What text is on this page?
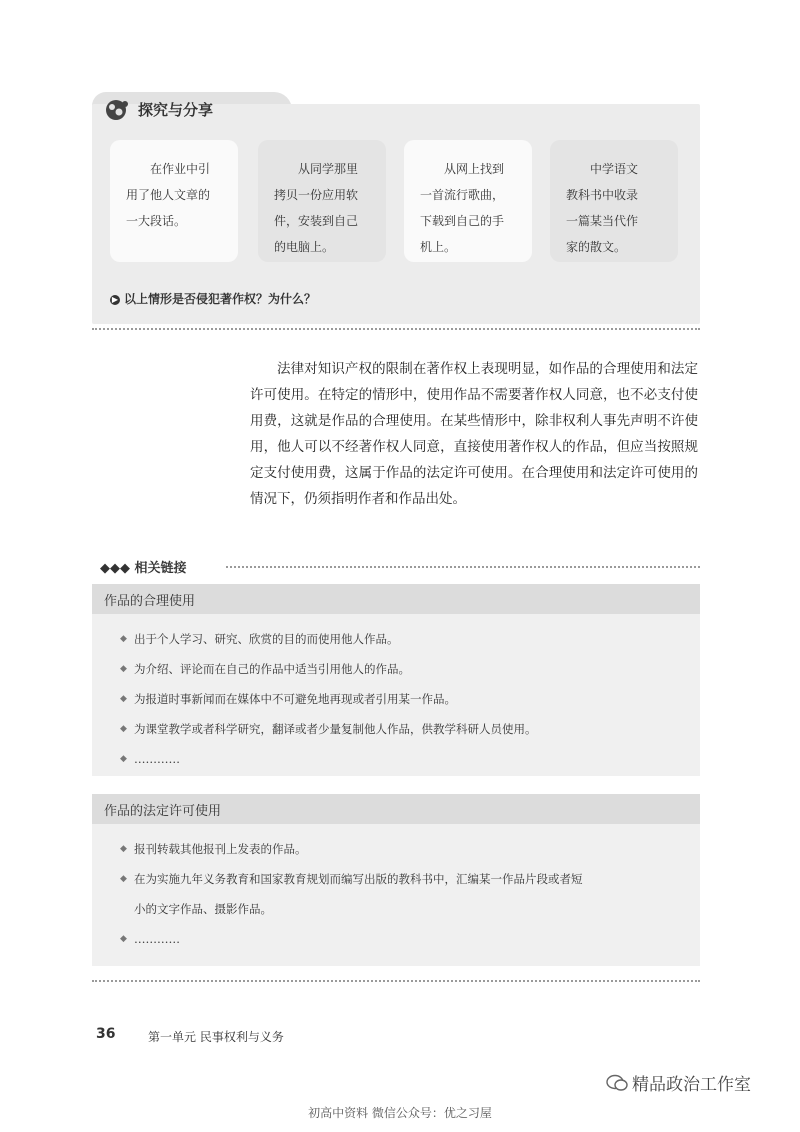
探究与分享

在作业中引

用了他人文章的

一大段话。

从同学那里

拷贝一份应用软

件，安装到自己

的电脑上。

从网上找到

一首流行歌曲，

下载到自己的手

机上。

中学语文

教科书中收录

一篇某当代作

家的散文。

▶ 以上情形是否侵犯著作权？为什么？

法律对知识产权的限制在著作权上表现明显，如作品的合理使用和法定许可使用。在特定的情形中，使用作品不需要著作权人同意，也不必支付使用费，这就是作品的合理使用。在某些情形中，除非权利人事先声明不许使用，他人可以不经著作权人同意，直接使用著作权人的作品，但应当按照规定支付使用费，这属于作品的法定许可使用。在合理使用和法定许可使用的情况下，仍须指明作者和作品出处。

◆◆◆ 相关链接
作品的合理使用
◆ 出于个人学习、研究、欣赏的目的而使用他人作品。
◆ 为介绍、评论而在自己的作品中适当引用他人的作品。
◆ 为报道时事新闻而在媒体中不可避免地再现或者引用某一作品。
◆ 为课堂教学或者科学研究，翻译或者少量复制他人作品，供教学科研人员使用。
◆ …………
作品的法定许可使用
◆ 报刊转载其他报刊上发表的作品。
◆ 在为实施九年义务教育和国家教育规划而编写出版的教科书中，汇编某一作品片段或者短
小的文字作品、摄影作品。
◆ …………
36	第一单元 民事权利与义务
精品政治工作室
初高中资料 微信公众号：优之习屋
